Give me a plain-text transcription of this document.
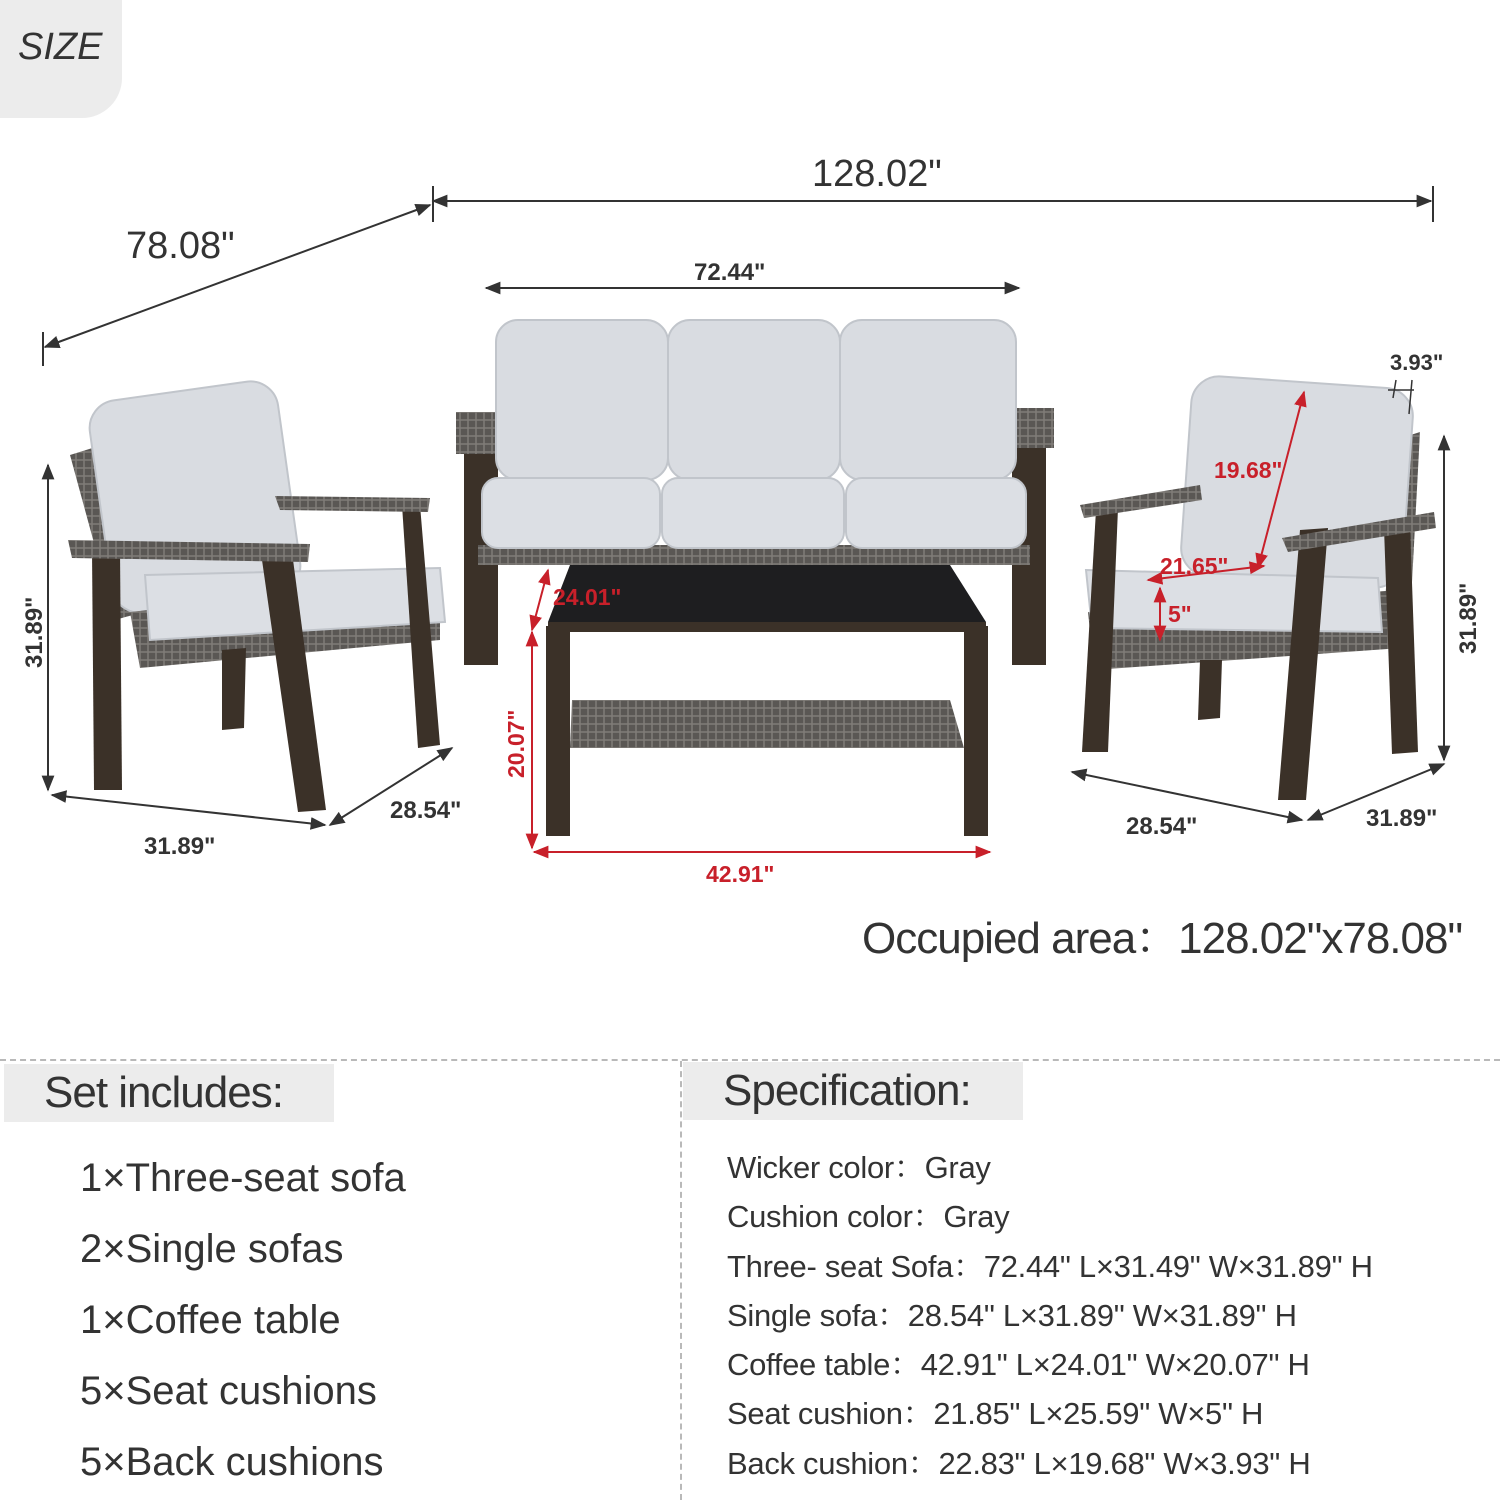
SIZE
128.02"
78.08"
72.44"
24.01"
20.07"
42.91"
31.89"
31.89"
28.54"
3.93"
19.68"
21.65"
5"	31.89"
28.54"	31.89"
Occupied area：128.02"x78.08"
Set includes:
1×Three-seat sofa
2×Single sofas
1×Coffee table
5×Seat cushions
5×Back cushions
Specification:
Wicker color：Gray
Cushion color：Gray
Three- seat Sofa：72.44" L×31.49" W×31.89" H
Single sofa：28.54" L×31.89" W×31.89" H
Coffee table：42.91" L×24.01" W×20.07" H
Seat cushion：21.85" L×25.59" W×5" H
Back cushion：22.83" L×19.68" W×3.93" H
